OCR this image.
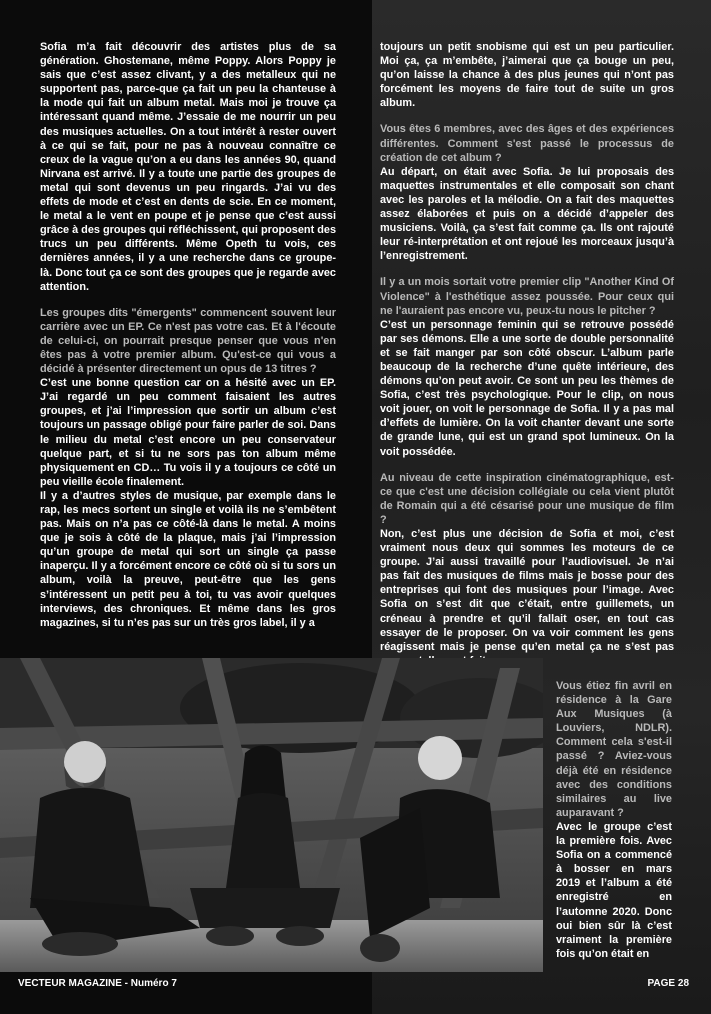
Sofia m’a fait découvrir des artistes plus de sa génération. Ghostemane, même Poppy. Alors Poppy je sais que c’est assez clivant, y a des metalleux qui ne supportent pas, parce-que ça fait un peu la chanteuse à la mode qui fait un album metal. Mais moi je trouve ça intéressant quand même. J’essaie de me nourrir un peu des musiques actuelles. On a tout intérêt à rester ouvert à ce qui se fait, pour ne pas à nouveau connaître ce creux de la vague qu’on a eu dans les années 90, quand Nirvana est arrivé. Il y a toute une partie des groupes de metal qui sont devenus un peu ringards. J’ai vu des effets de mode et c’est en dents de scie. En ce moment, le metal a le vent en poupe et je pense que c’est aussi grâce à des groupes qui réfléchissent, qui proposent des trucs un peu différents. Même Opeth tu vois, ces dernières années, il y a une recherche dans ce groupe-là. Donc tout ça ce sont des groupes que je regarde avec attention.

Les groupes dits "émergents" commencent souvent leur carrière avec un EP. Ce n'est pas votre cas. Et à l'écoute de celui-ci, on pourrait presque penser que vous n'en êtes pas à votre premier album. Qu'est-ce qui vous a décidé à présenter directement un opus de 13 titres ?

C’est une bonne question car on a hésité avec un EP. J’ai regardé un peu comment faisaient les autres groupes, et j’ai l’impression que sortir un album c’est toujours un passage obligé pour faire parler de soi. Dans le milieu du metal c’est encore un peu conservateur quelque part, et si tu ne sors pas ton album même physiquement en CD… Tu vois il y a toujours ce côté un peu vieille école finalement.

Il y a d’autres styles de musique, par exemple dans le rap, les mecs sortent un single et voilà ils ne s’embêtent pas. Mais on n’a pas ce côté-là dans le metal. A moins que je sois à côté de la plaque, mais j’ai l’impression qu’un groupe de metal qui sort un single ça passe inaperçu. Il y a forcément encore ce côté où si tu sors un album, voilà la preuve, peut-être que les gens s’intéressent un petit peu à toi, tu vas avoir quelques interviews, des chroniques. Et même dans les gros magazines, si tu n’es pas sur un très gros label, il y a

toujours un petit snobisme qui est un peu particulier. Moi ça, ça m’embête, j’aimerai que ça bouge un peu, qu’on laisse la chance à des plus jeunes qui n’ont pas forcément les moyens de faire tout de suite un gros album.

Vous êtes 6 membres, avec des âges et des expériences différentes. Comment s'est passé le processus de création de cet album ?

Au départ, on était avec Sofia. Je lui proposais des maquettes instrumentales et elle composait son chant avec les paroles et la mélodie. On a fait des maquettes assez élaborées et puis on a décidé d’appeler des musiciens. Voilà, ça s’est fait comme ça. Ils ont rajouté leur ré-interprétation et ont rejoué les morceaux jusqu’à l’enregistrement.

Il y a un mois sortait votre premier clip "Another Kind Of Violence" à l'esthétique assez poussée. Pour ceux qui ne l'auraient pas encore vu, peux-tu nous le pitcher ?

C’est un personnage feminin qui se retrouve possédé par ses démons. Elle a une sorte de double personnalité et se fait manger par son côté obscur. L’album parle beaucoup de la recherche d’une quête intérieure, des démons qu’on peut avoir. Ce sont un peu les thèmes de Sofia, c’est très psychologique. Pour le clip, on nous voit jouer, on voit le personnage de Sofia. Il y a pas mal d’effets de lumière. On la voit chanter devant une sorte de grande lune, qui est un grand spot lumineux. On la voit possédée.

Au niveau de cette inspiration cinématographique, est-ce que c'est une décision collégiale ou cela vient plutôt de Romain qui a été césarisé pour une musique de film ?

Non, c’est plus une décision de Sofia et moi, c’est vraiment nous deux qui sommes les moteurs de ce groupe. J’ai aussi travaillé pour l’audiovisuel. Je n’ai pas fait des musiques de films mais je bosse pour des entreprises qui font des musiques pour l’image. Avec Sofia on s’est dit que c’était, entre guillemets, un créneau à prendre et qu’il fallait oser, en tout cas essayer de le proposer. On va voir comment les gens réagissent mais je pense qu’en metal ça ne s’est pas

Vous étiez fin avril en résidence à la Gare Aux Musiques (à Louviers, NDLR). Comment cela s'est-il passé ? Aviez-vous déjà été en résidence avec des conditions similaires au live auparavant ?

Avec le groupe c’est la première fois. Avec Sofia on a commencé à bosser en mars 2019 et l’album a été enregistré en l’automne 2020. Donc oui bien sûr là c’est vraiment la première fois qu’on était en

VECTEUR MAGAZINE - Numéro 7	PAGE 28
